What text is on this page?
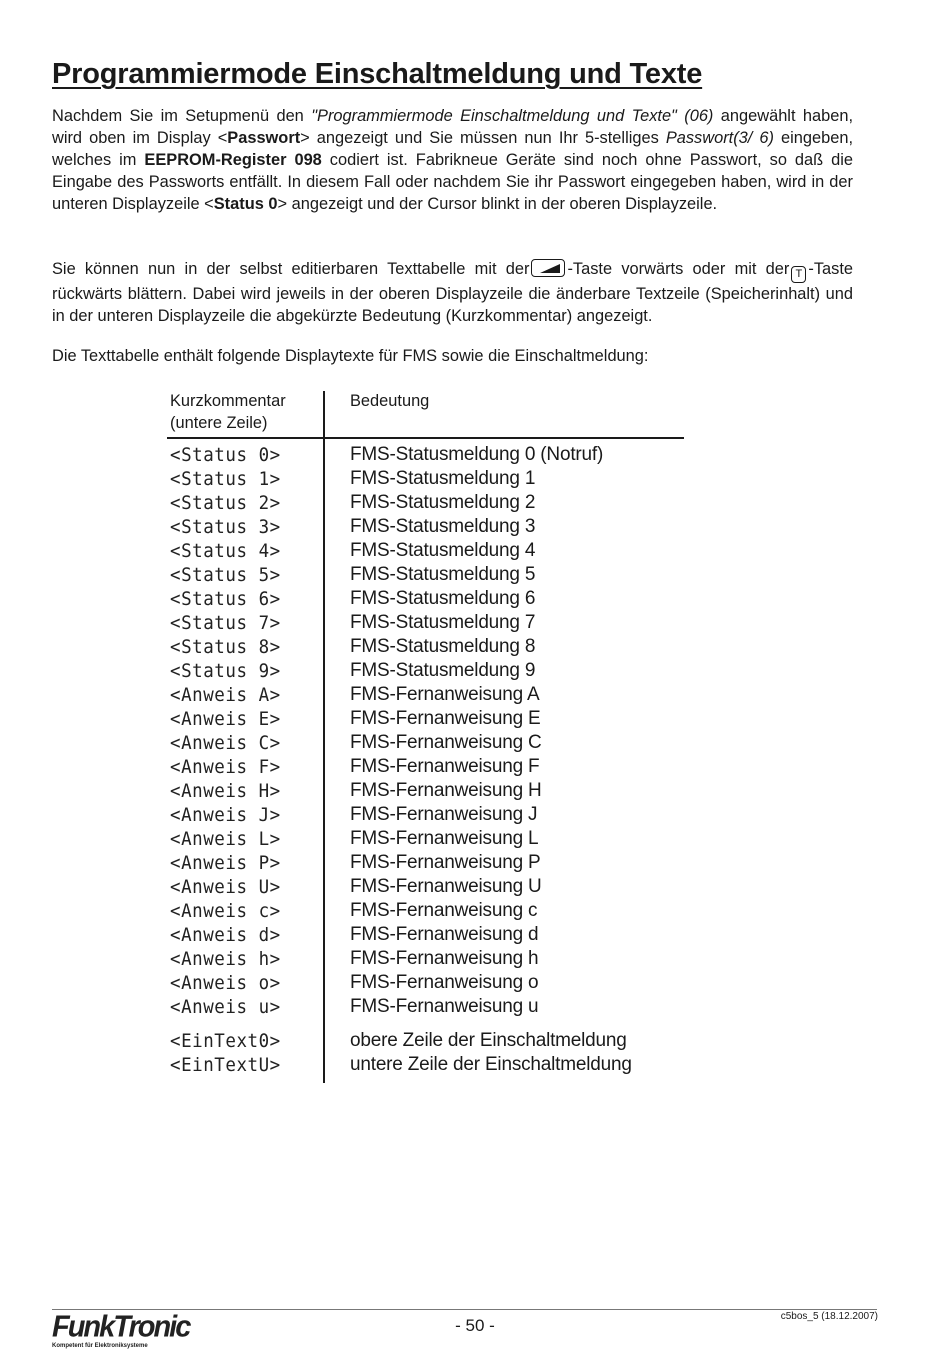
Programmiermode Einschaltmeldung und Texte

Nachdem Sie im Setupmenü den "Programmiermode Einschaltmeldung und Texte" (06) angewählt haben, wird oben im Display <Passwort> angezeigt und Sie müssen nun Ihr 5-stelliges Passwort(3/ 6) eingeben, welches im EEPROM-Register 098 codiert ist. Fabrikneue Geräte sind noch ohne Passwort, so daß die Eingabe des Passworts entfällt. In diesem Fall oder nachdem Sie ihr Passwort eingegeben haben, wird in der unteren Displayzeile <Status 0> angezeigt und der Cursor blinkt in der oberen Displayzeile.

Sie können nun in der selbst editierbaren Texttabelle mit der -Taste vorwärts oder mit der T -Taste rückwärts blättern. Dabei wird jeweils in der oberen Displayzeile die änderbare Textzeile (Speicherinhalt) und in der unteren Displayzeile die abgekürzte Bedeutung (Kurzkommentar) angezeigt.

Die Texttabelle enthält folgende Displaytexte für FMS sowie die Einschaltmeldung:

Kurzkommentar
(untere Zeile)
Bedeutung
<Status 0>	FMS-Statusmeldung 0 (Notruf)
<Status 1>	FMS-Statusmeldung 1
<Status 2>	FMS-Statusmeldung 2
<Status 3>	FMS-Statusmeldung 3
<Status 4>	FMS-Statusmeldung 4
<Status 5>	FMS-Statusmeldung 5
<Status 6>	FMS-Statusmeldung 6
<Status 7>	FMS-Statusmeldung 7
<Status 8>	FMS-Statusmeldung 8
<Status 9>	FMS-Statusmeldung 9
<Anweis A>	FMS-Fernanweisung A
<Anweis E>	FMS-Fernanweisung E
<Anweis C>	FMS-Fernanweisung C
<Anweis F>	FMS-Fernanweisung F
<Anweis H>	FMS-Fernanweisung H
<Anweis J>	FMS-Fernanweisung J
<Anweis L>	FMS-Fernanweisung L
<Anweis P>	FMS-Fernanweisung P
<Anweis U>	FMS-Fernanweisung U
<Anweis c>	FMS-Fernanweisung c
<Anweis d>	FMS-Fernanweisung d
<Anweis h>	FMS-Fernanweisung h
<Anweis o>	FMS-Fernanweisung o
<Anweis u>	FMS-Fernanweisung u
<EinText0>	obere Zeile der Einschaltmeldung
<EinTextU>	untere Zeile der Einschaltmeldung
FunkTronic
Kompetent für Elektroniksysteme
- 50 -	c5bos_5 (18.12.2007)
